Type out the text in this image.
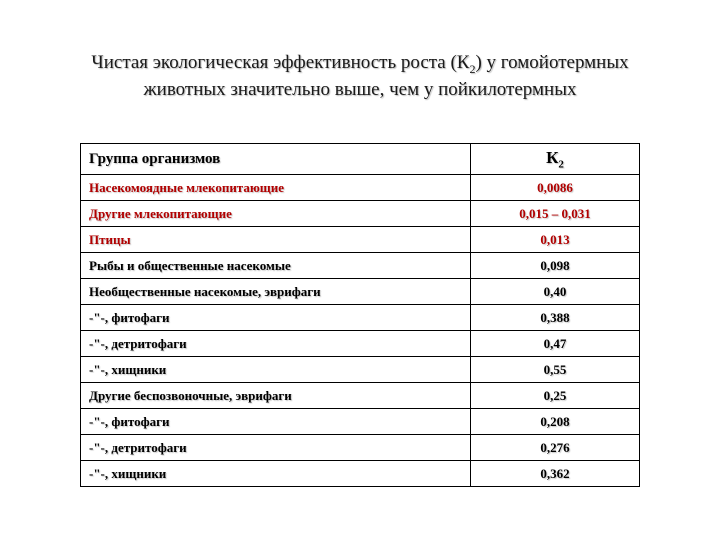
Чистая экологическая эффективность роста $(К_2)$ у гомойотермных
животных значительно выше, чем у пойкилотермных
Группа организмов	$К_2$
Насекомоядные млекопитающие	0,0086
Другие млекопитающие	0,015 – 0,031
Птицы	0,013
Рыбы и общественные насекомые	0,098
Необщественные насекомые, эврифаги	0,40
-"-, фитофаги	0,388
-"-, детритофаги	0,47
-"-, хищники	0,55
Другие беспозвоночные, эврифаги	0,25
-"-, фитофаги	0,208
-"-, детритофаги	0,276
-"-, хищники	0,362
